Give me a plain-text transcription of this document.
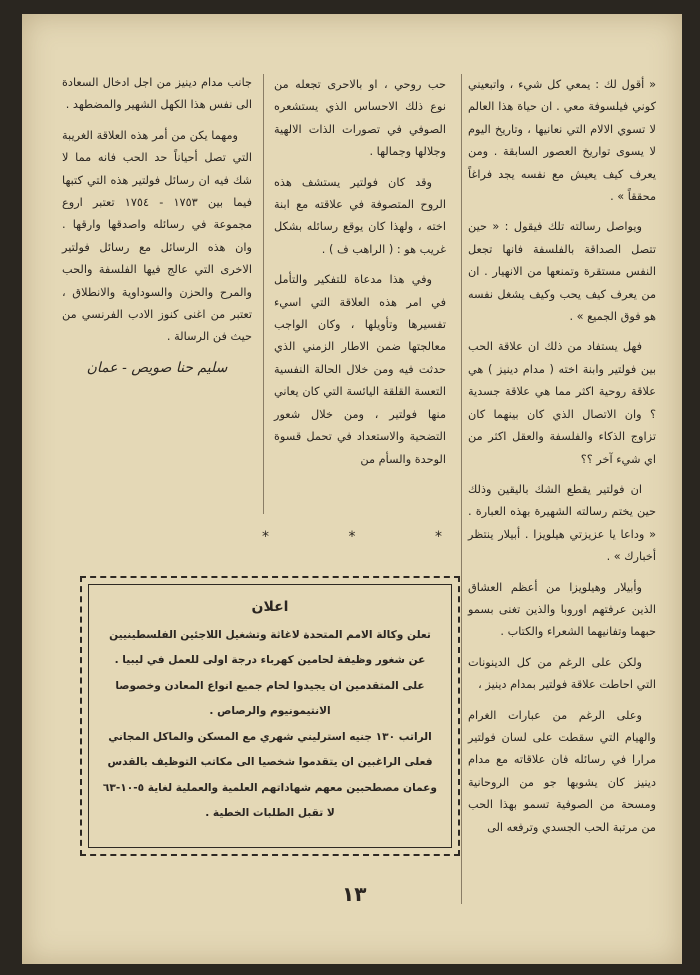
« أقول لك : يمعي كل شيء ، واتبعيني كوني فيلسوفة معي . ان حياة هذا العالم لا تسوي الالام التي نعانيها ، وتاريخ اليوم لا يسوى تواريخ العصور السابقة . ومن يعرف كيف يعيش مع نفسه يجد فراغاً محققاً » .

ويواصل رسالته تلك فيقول : « حين تتصل الصداقة بالفلسفة فانها تجعل النفس مستقرة وتمنعها من الانهيار . ان من يعرف كيف يحب وكيف يشغل نفسه هو فوق الجميع » .

فهل يستفاد من ذلك ان علاقة الحب بين فولتير وابنة اخته ( مدام دينيز ) هي علاقة روحية اكثر مما هي علاقة جسدية ؟ وان الاتصال الذي كان بينهما كان تزاوج الذكاء والفلسفة والعقل اكثر من اي شيء آخر ؟؟

ان فولتير يقطع الشك باليقين وذلك حين يختم رسالته الشهيرة بهذه العبارة . « وداعا يا عزيزتي هيلويزا . أبيلار ينتظر أخبارك » .

وأبيلار وهيلويزا من أعظم العشاق الذين عرفتهم اوروبا والذين تغنى بسمو حبهما وتفانيهما الشعراء والكتاب .

ولكن على الرغم من كل الدينونات التي احاطت علاقة فولتير بمدام دينيز ،

وعلى الرغم من عبارات الغرام والهيام التي سقطت على لسان فولتير مرارا في رسائله فان علاقاته مع مدام دينيز كان يشوبها جو من الروحانية ومسحة من الصوفية تسمو بهذا الحب من مرتبة الحب الجسدي وترفعه الى

حب روحي ، او بالاحرى تجعله من نوع ذلك الاحساس الذي يستشعره الصوفي في تصورات الذات الالهية وجلالها وجمالها .

وقد كان فولتير يستشف هذه الروح المتصوفة في علاقته مع ابنة اخته ، ولهذا كان يوقع رسائله بشكل غريب هو : ( الراهب ف ) .

وفي هذا مدعاة للتفكير والتأمل في امر هذه العلاقة التي اسيء تفسيرها وتأويلها ، وكان الواجب معالجتها ضمن الاطار الزمني الذي حدثت فيه ومن خلال الحالة النفسية التعسة القلقة اليائسة التي كان يعاني منها فولتير ، ومن خلال شعور التضحية والاستعداد في تحمل قسوة الوحدة والسأم من

جانب مدام دينيز من اجل ادخال السعادة الى نفس هذا الكهل الشهير والمضطهد .

ومهما يكن من أمر هذه العلاقة الغريبة التي تصل أحياناً حد الحب فانه مما لا شك فيه ان رسائل فولتير هذه التي كتبها فيما بين ١٧٥٣ - ١٧٥٤ تعتبر اروع مجموعة في رسائله واصدقها وارقها . وان هذه الرسائل مع رسائل فولتير الاخرى التي عالج فيها الفلسفة والحب والمرح والحزن والسوداوية والانطلاق ، تعتبر من اغنى كنوز الادب الفرنسي من حيث فن الرسالة .

سليم حنا صويص - عمان
*
*
*
اعلان
تعلن وكالة الامم المتحدة لاغاثة وتشغيل اللاجئين الفلسطينيين
عن شغور وظيفة لحامين كهرباء درجة اولى للعمل في ليبيا .
على المتقدمين ان يجيدوا لحام جميع انواع المعادن وخصوصا
الانتيمونيوم والرصاص .
الراتب ١٣٠ جنيه استرليني شهري مع المسكن والماكل المجاني
فعلى الراغبين ان يتقدموا شخصيا الى مكاتب التوظيف بالقدس
وعمان مصطحبين معهم شهاداتهم العلمية والعملية لغاية ٥-١٠-٦٣
لا تقبل الطلبات الخطية .
١٣
